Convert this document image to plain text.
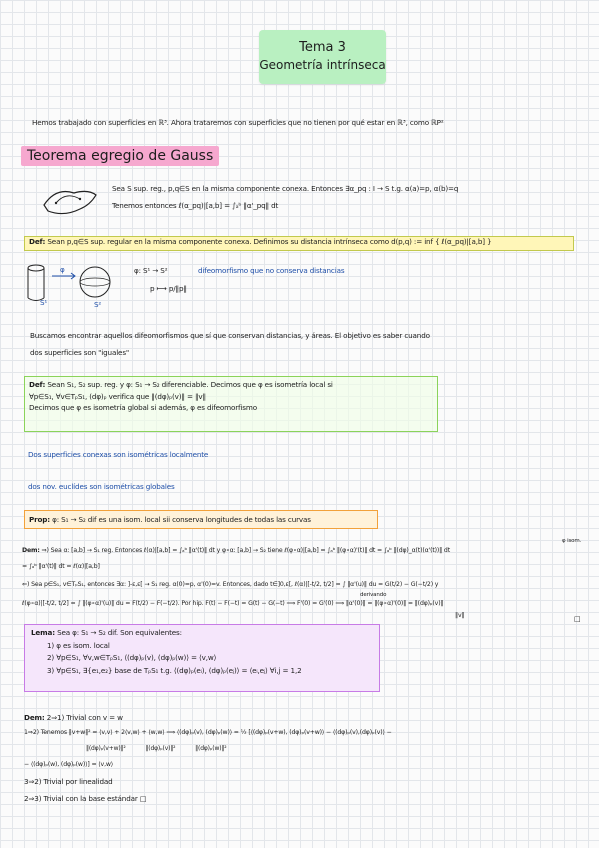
Tema 3
Geometría intrínseca
Hemos trabajado con superficies en ℝ³. Ahora trataremos con superficies que no tienen por qué estar en ℝ³, como ℝP²
Teorema egregio de Gauss
Sea S sup. reg., p,q∈S en la misma componente conexa. Entonces ∃α_pq : I → S t.g. α(a)=p, α(b)=q
Tenemos entonces ℓ(α_pq)|[a,b] = ∫ₐᵇ ‖α'_pq‖ dt
Def: Sean p,q∈S sup. regular en la misma componente conexa. Definimos su distancia intrínseca como d(p,q) := inf { ℓ(α_pq)|[a,b] }
φ
S¹	S²
φ: S¹ → S²	difeomorfismo que no conserva distancias
p ⟼ p/‖p‖
Buscamos encontrar aquellos difeomorfismos que sí que conservan distancias, y áreas. El objetivo es saber cuando
dos superficies son "iguales"
Def: Sean S₁, S₂ sup. reg. y φ: S₁ → S₂ diferenciable. Decimos que φ es isometría local si
∀p∈S₁, ∀v∈TₚS₁, (dφ)ₚ verifica que ‖(dφ)ₚ(v)‖ = ‖v‖
Decimos que φ es isometría global si además, φ es difeomorfismo
Dos superficies conexas son isométricas localmente
dos nov. euclídes son isométricas globales
Prop: φ: S₁ → S₂ dif es una isom. local sii conserva longitudes de todas las curvas
φ isom.
Dem: ⇒) Sea α: [a,b] → S₁ reg. Entonces ℓ(α)|[a,b] = ∫ₐᵇ ‖α'(t)‖ dt y φ∘α: [a,b] → S₂ tiene ℓ(φ∘α)|[a,b] = ∫ₐᵇ ‖(φ∘α)'(t)‖ dt = ∫ₐᵇ ‖(dφ)_α(t)(α'(t))‖ dt
= ∫ₐᵇ ‖α'(t)‖ dt = ℓ(α)|[a,b]
⇐) Sea p∈S₁, v∈TₚS₁, entonces ∃α: ]-ε,ε[ → S₁ reg. α(0)=p, α'(0)=v. Entonces, dado t∈]0,ε[, ℓ(α)|[-t/2, t/2] = ∫ ‖α'(u)‖ du = G(t/2) − G(−t/2) y
derivando
ℓ(φ∘α)|[-t/2, t/2] = ∫ ‖(φ∘α)'(u)‖ du = F(t/2) − F(−t/2). Por hip. F(t) − F(−t) = G(t) − G(−t) ⟹ F'(0) = G'(0) ⟹ ‖α'(0)‖ = ‖(φ∘α)'(0)‖ = ‖(dφ)ₚ(v)‖
‖v‖	□
Lema: Sea φ: S₁ → S₂ dif. Son equivalentes:
1) φ es isom. local
2) ∀p∈S₁, ∀v,w∈TₚS₁, ⟨(dφ)ₚ(v), (dφ)ₚ(w)⟩ = ⟨v,w⟩
3) ∀p∈S₁, ∃{e₁,e₂} base de TₚS₁ t.g. ⟨(dφ)ₚ(eᵢ), (dφ)ₚ(eⱼ)⟩ = ⟨eᵢ,eⱼ⟩ ∀i,j = 1,2
Dem: 2⇒1) Trivial con v = w
1⇒2) Tenemos ‖v+w‖² = ⟨v,v⟩ + 2⟨v,w⟩ + ⟨w,w⟩ ⟹ ⟨(dφ)ₚ(v), (dφ)ₚ(w)⟩ = ½ [⟨(dφ)ₚ(v+w), (dφ)ₚ(v+w)⟩ − ⟨(dφ)ₚ(v),(dφ)ₚ(v)⟩ −
‖(dφ)ₚ(v+w)‖² ‖(dφ)ₚ(v)‖² ‖(dφ)ₚ(w)‖²
− ⟨(dφ)ₚ(w), (dφ)ₚ(w)⟩] = ⟨v,w⟩
3⇒2) Trivial por linealidad
2⇒3) Trivial con la base estándar □
